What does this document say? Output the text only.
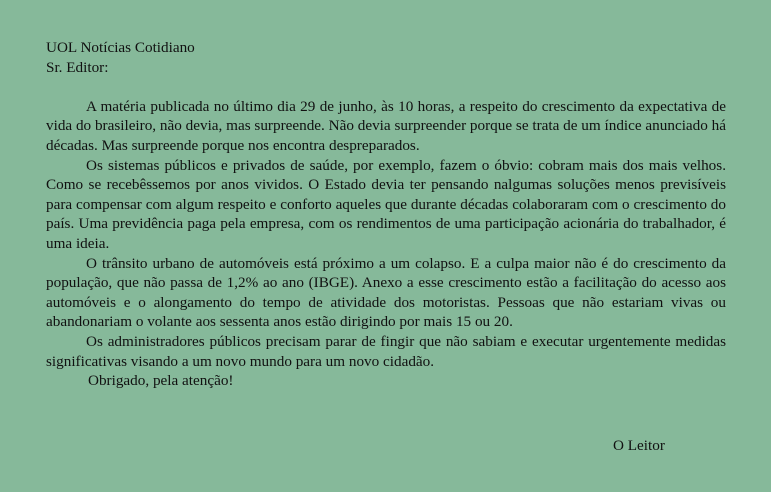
UOL Notícias Cotidiano
Sr. Editor:

A matéria publicada no último dia 29 de junho, às 10 horas, a respeito do crescimento da expectativa de vida do brasileiro, não devia, mas surpreende. Não devia surpreender porque se trata de um índice anunciado há décadas. Mas surpreende porque nos encontra despreparados.

Os sistemas públicos e privados de saúde, por exemplo, fazem o óbvio: cobram mais dos mais velhos. Como se recebêssemos por anos vividos. O Estado devia ter pensando nalgumas soluções menos previsíveis para compensar com algum respeito e conforto aqueles que durante décadas colaboraram com o crescimento do país. Uma previdência paga pela empresa, com os rendimentos de uma participação acionária do trabalhador, é uma ideia.

O trânsito urbano de automóveis está próximo a um colapso. E a culpa maior não é do crescimento da população, que não passa de 1,2% ao ano (IBGE). Anexo a esse crescimento estão a facilitação do acesso aos automóveis e o alongamento do tempo de atividade dos motoristas. Pessoas que não estariam vivas ou abandonariam o volante aos sessenta anos estão dirigindo por mais 15 ou 20.

Os administradores públicos precisam parar de fingir que não sabiam e executar urgentemente medidas significativas visando a um novo mundo para um novo cidadão.

Obrigado, pela atenção!

O Leitor
